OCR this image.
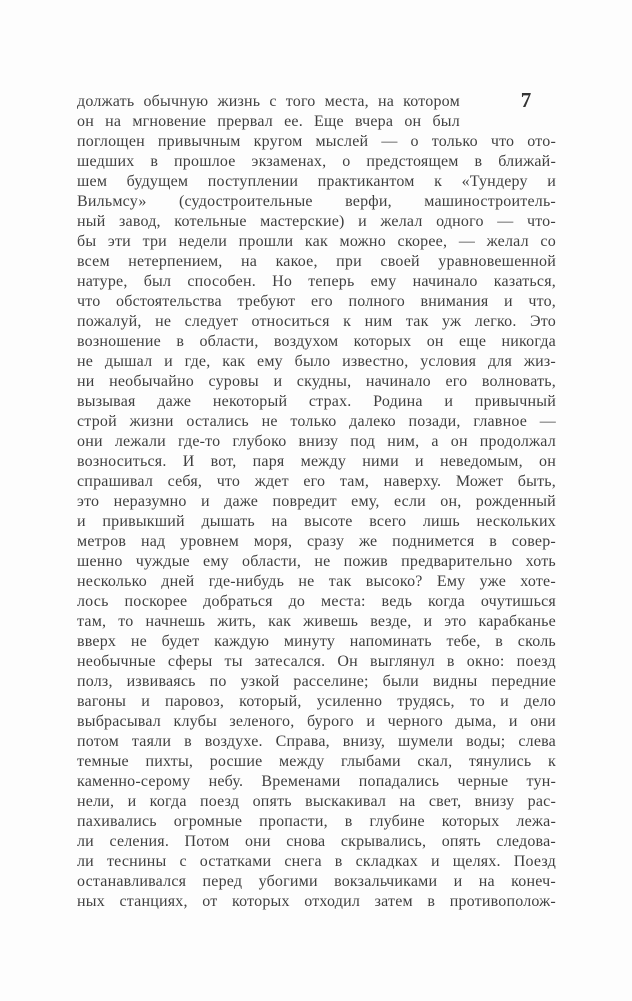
7
должать обычную жизнь с того места, на котором
он на мгновение прервал ее. Еще вчера он был
поглощен привычным кругом мыслей — о только что ото-
шедших в прошлое экзаменах, о предстоящем в ближай-
шем будущем поступлении практикантом к «Тундеру и
Вильмсу» (судостроительные верфи, машиностроитель-
ный завод, котельные мастерские) и желал одного — что-
бы эти три недели прошли как можно скорее, — желал со
всем нетерпением, на какое, при своей уравновешенной
натуре, был способен. Но теперь ему начинало казаться,
что обстоятельства требуют его полного внимания и что,
пожалуй, не следует относиться к ним так уж легко. Это
возношение в области, воздухом которых он еще никогда
не дышал и где, как ему было известно, условия для жиз-
ни необычайно суровы и скудны, начинало его волновать,
вызывая даже некоторый страх. Родина и привычный
строй жизни остались не только далеко позади, главное —
они лежали где-то глубоко внизу под ним, а он продолжал
возноситься. И вот, паря между ними и неведомым, он
спрашивал себя, что ждет его там, наверху. Может быть,
это неразумно и даже повредит ему, если он, рожденный
и привыкший дышать на высоте всего лишь нескольких
метров над уровнем моря, сразу же поднимется в совер-
шенно чуждые ему области, не пожив предварительно хоть
несколько дней где-нибудь не так высоко? Ему уже хоте-
лось поскорее добраться до места: ведь когда очутишься
там, то начнешь жить, как живешь везде, и это карабканье
вверх не будет каждую минуту напоминать тебе, в сколь
необычные сферы ты затесался. Он выглянул в окно: поезд
полз, извиваясь по узкой расселине; были видны передние
вагоны и паровоз, который, усиленно трудясь, то и дело
выбрасывал клубы зеленого, бурого и черного дыма, и они
потом таяли в воздухе. Справа, внизу, шумели воды; слева
темные пихты, росшие между глыбами скал, тянулись к
каменно-серому небу. Временами попадались черные тун-
нели, и когда поезд опять выскакивал на свет, внизу рас-
пахивались огромные пропасти, в глубине которых лежа-
ли селения. Потом они снова скрывались, опять следова-
ли теснины с остатками снега в складках и щелях. Поезд
останавливался перед убогими вокзальчиками и на конеч-
ных станциях, от которых отходил затем в противополож-
